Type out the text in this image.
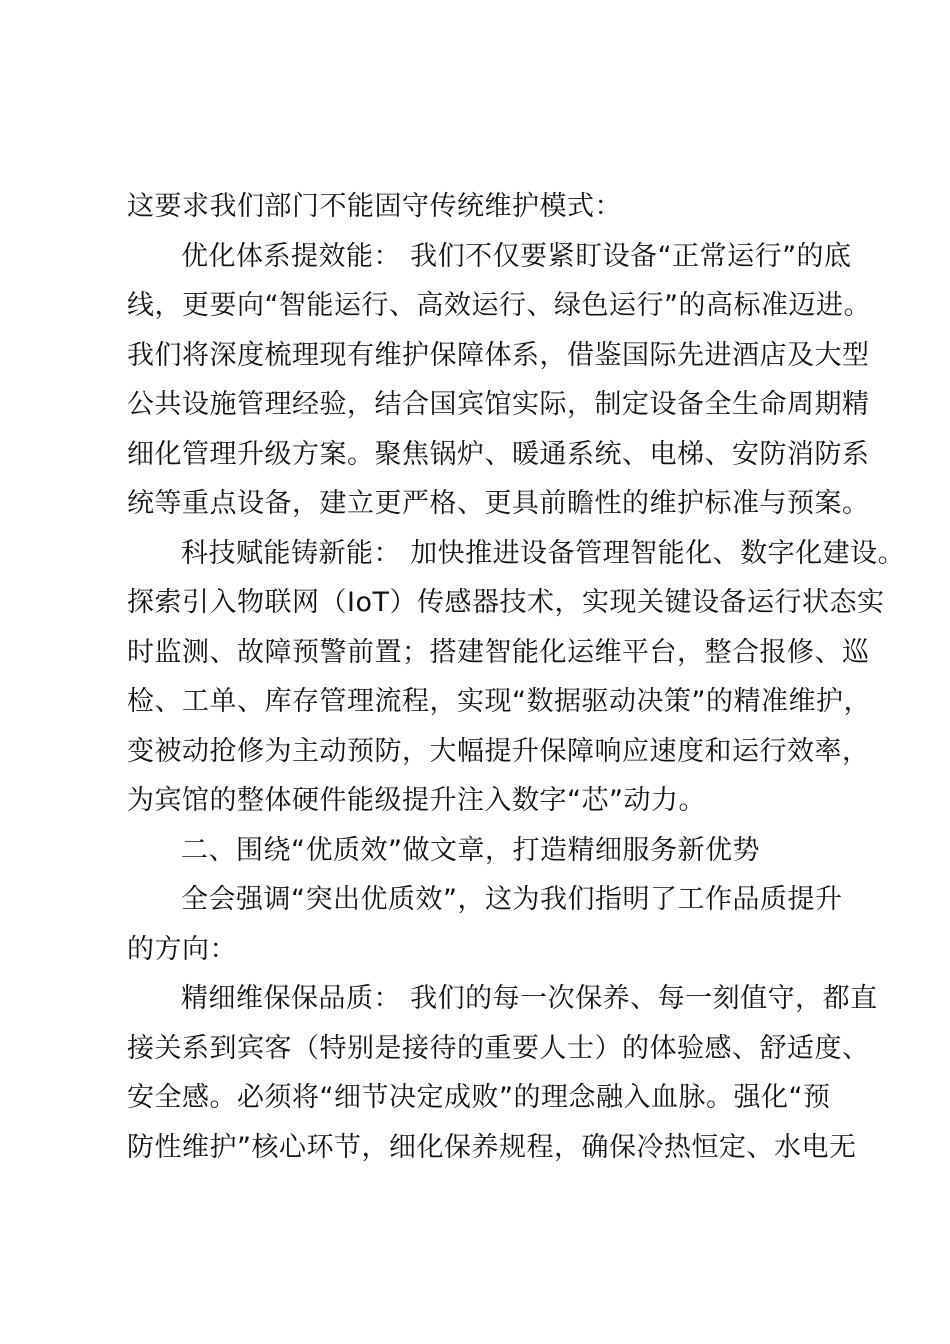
这要求我们部门不能固守传统维护模式：
优化体系提效能： 我们不仅要紧盯设备“正常运行”的底
线，更要向“智能运行、高效运行、绿色运行”的高标准迈进。
我们将深度梳理现有维护保障体系，借鉴国际先进酒店及大型
公共设施管理经验，结合国宾馆实际，制定设备全生命周期精
细化管理升级方案。聚焦锅炉、暖通系统、电梯、安防消防系
统等重点设备，建立更严格、更具前瞻性的维护标准与预案。
科技赋能铸新能： 加快推进设备管理智能化、数字化建设。
探索引入物联网（IoT）传感器技术，实现关键设备运行状态实
时监测、故障预警前置；搭建智能化运维平台，整合报修、巡
检、工单、库存管理流程，实现“数据驱动决策”的精准维护，
变被动抢修为主动预防，大幅提升保障响应速度和运行效率，
为宾馆的整体硬件能级提升注入数字“芯”动力。
二、围绕“优质效”做文章，打造精细服务新优势
全会强调“突出优质效”，这为我们指明了工作品质提升
的方向：
精细维保保品质： 我们的每一次保养、每一刻值守，都直
接关系到宾客（特别是接待的重要人士）的体验感、舒适度、
安全感。必须将“细节决定成败”的理念融入血脉。强化“预
防性维护”核心环节，细化保养规程，确保冷热恒定、水电无
